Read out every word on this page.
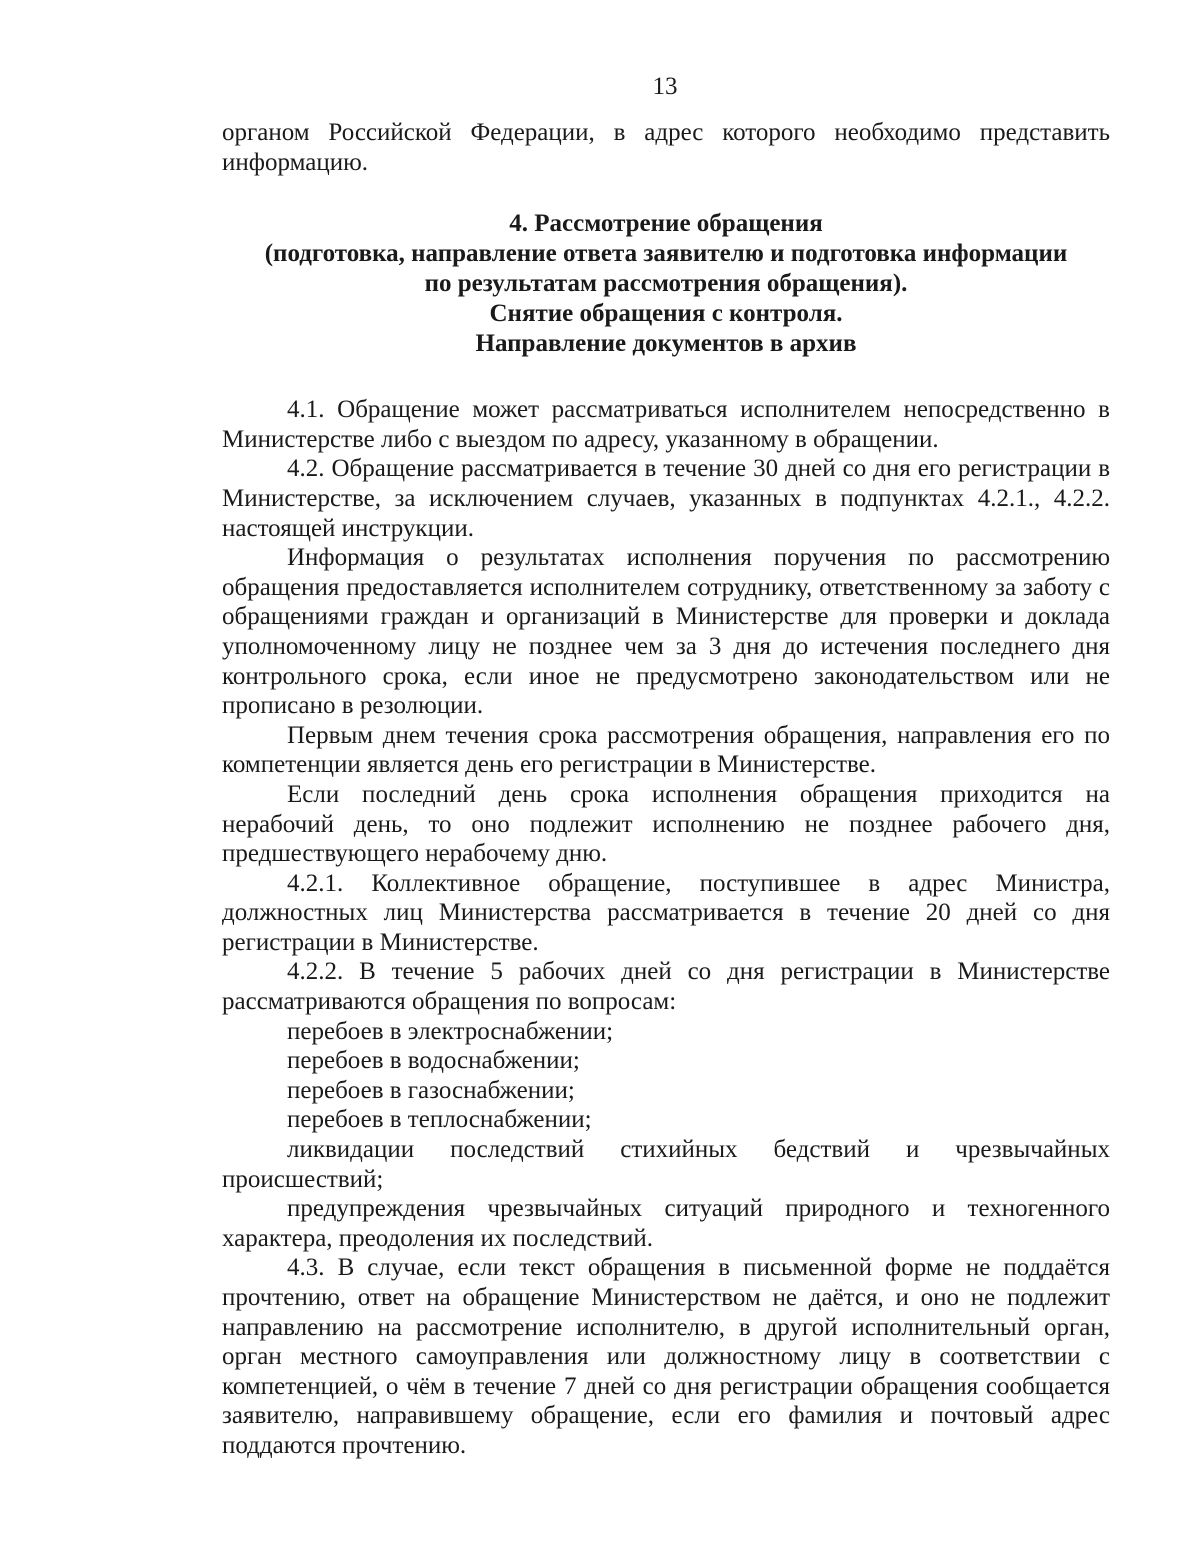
13

органом Российской Федерации, в адрес которого необходимо представить информацию.

4. Рассмотрение обращения
(подготовка, направление ответа заявителю и подготовка информации
по результатам рассмотрения обращения).
Снятие обращения с контроля.
Направление документов в архив

4.1. Обращение может рассматриваться исполнителем непосредственно в Министерстве либо с выездом по адресу, указанному в обращении.

4.2. Обращение рассматривается в течение 30 дней со дня его регистрации в Министерстве, за исключением случаев, указанных в подпунктах 4.2.1., 4.2.2. настоящей инструкции.

Информация о результатах исполнения поручения по рассмотрению обращения предоставляется исполнителем сотруднику, ответственному за заботу с обращениями граждан и организаций в Министерстве для проверки и доклада уполномоченному лицу не позднее чем за 3 дня до истечения последнего дня контрольного срока, если иное не предусмотрено законодательством или не прописано в резолюции.

Первым днем течения срока рассмотрения обращения, направления его по компетенции является день его регистрации в Министерстве.

Если последний день срока исполнения обращения приходится на нерабочий день, то оно подлежит исполнению не позднее рабочего дня, предшествующего нерабочему дню.

4.2.1. Коллективное обращение, поступившее в адрес Министра, должностных лиц Министерства рассматривается в течение 20 дней со дня регистрации в Министерстве.

4.2.2. В течение 5 рабочих дней со дня регистрации в Министерстве рассматриваются обращения по вопросам:

перебоев в электроснабжении;

перебоев в водоснабжении;

перебоев в газоснабжении;

перебоев в теплоснабжении;

ликвидации последствий стихийных бедствий и чрезвычайных происшествий;

предупреждения чрезвычайных ситуаций природного и техногенного характера, преодоления их последствий.

4.3. В случае, если текст обращения в письменной форме не поддаётся прочтению, ответ на обращение Министерством не даётся, и оно не подлежит направлению на рассмотрение исполнителю, в другой исполнительный орган, орган местного самоуправления или должностному лицу в соответствии с компетенцией, о чём в течение 7 дней со дня регистрации обращения сообщается заявителю, направившему обращение, если его фамилия и почтовый адрес поддаются прочтению.
